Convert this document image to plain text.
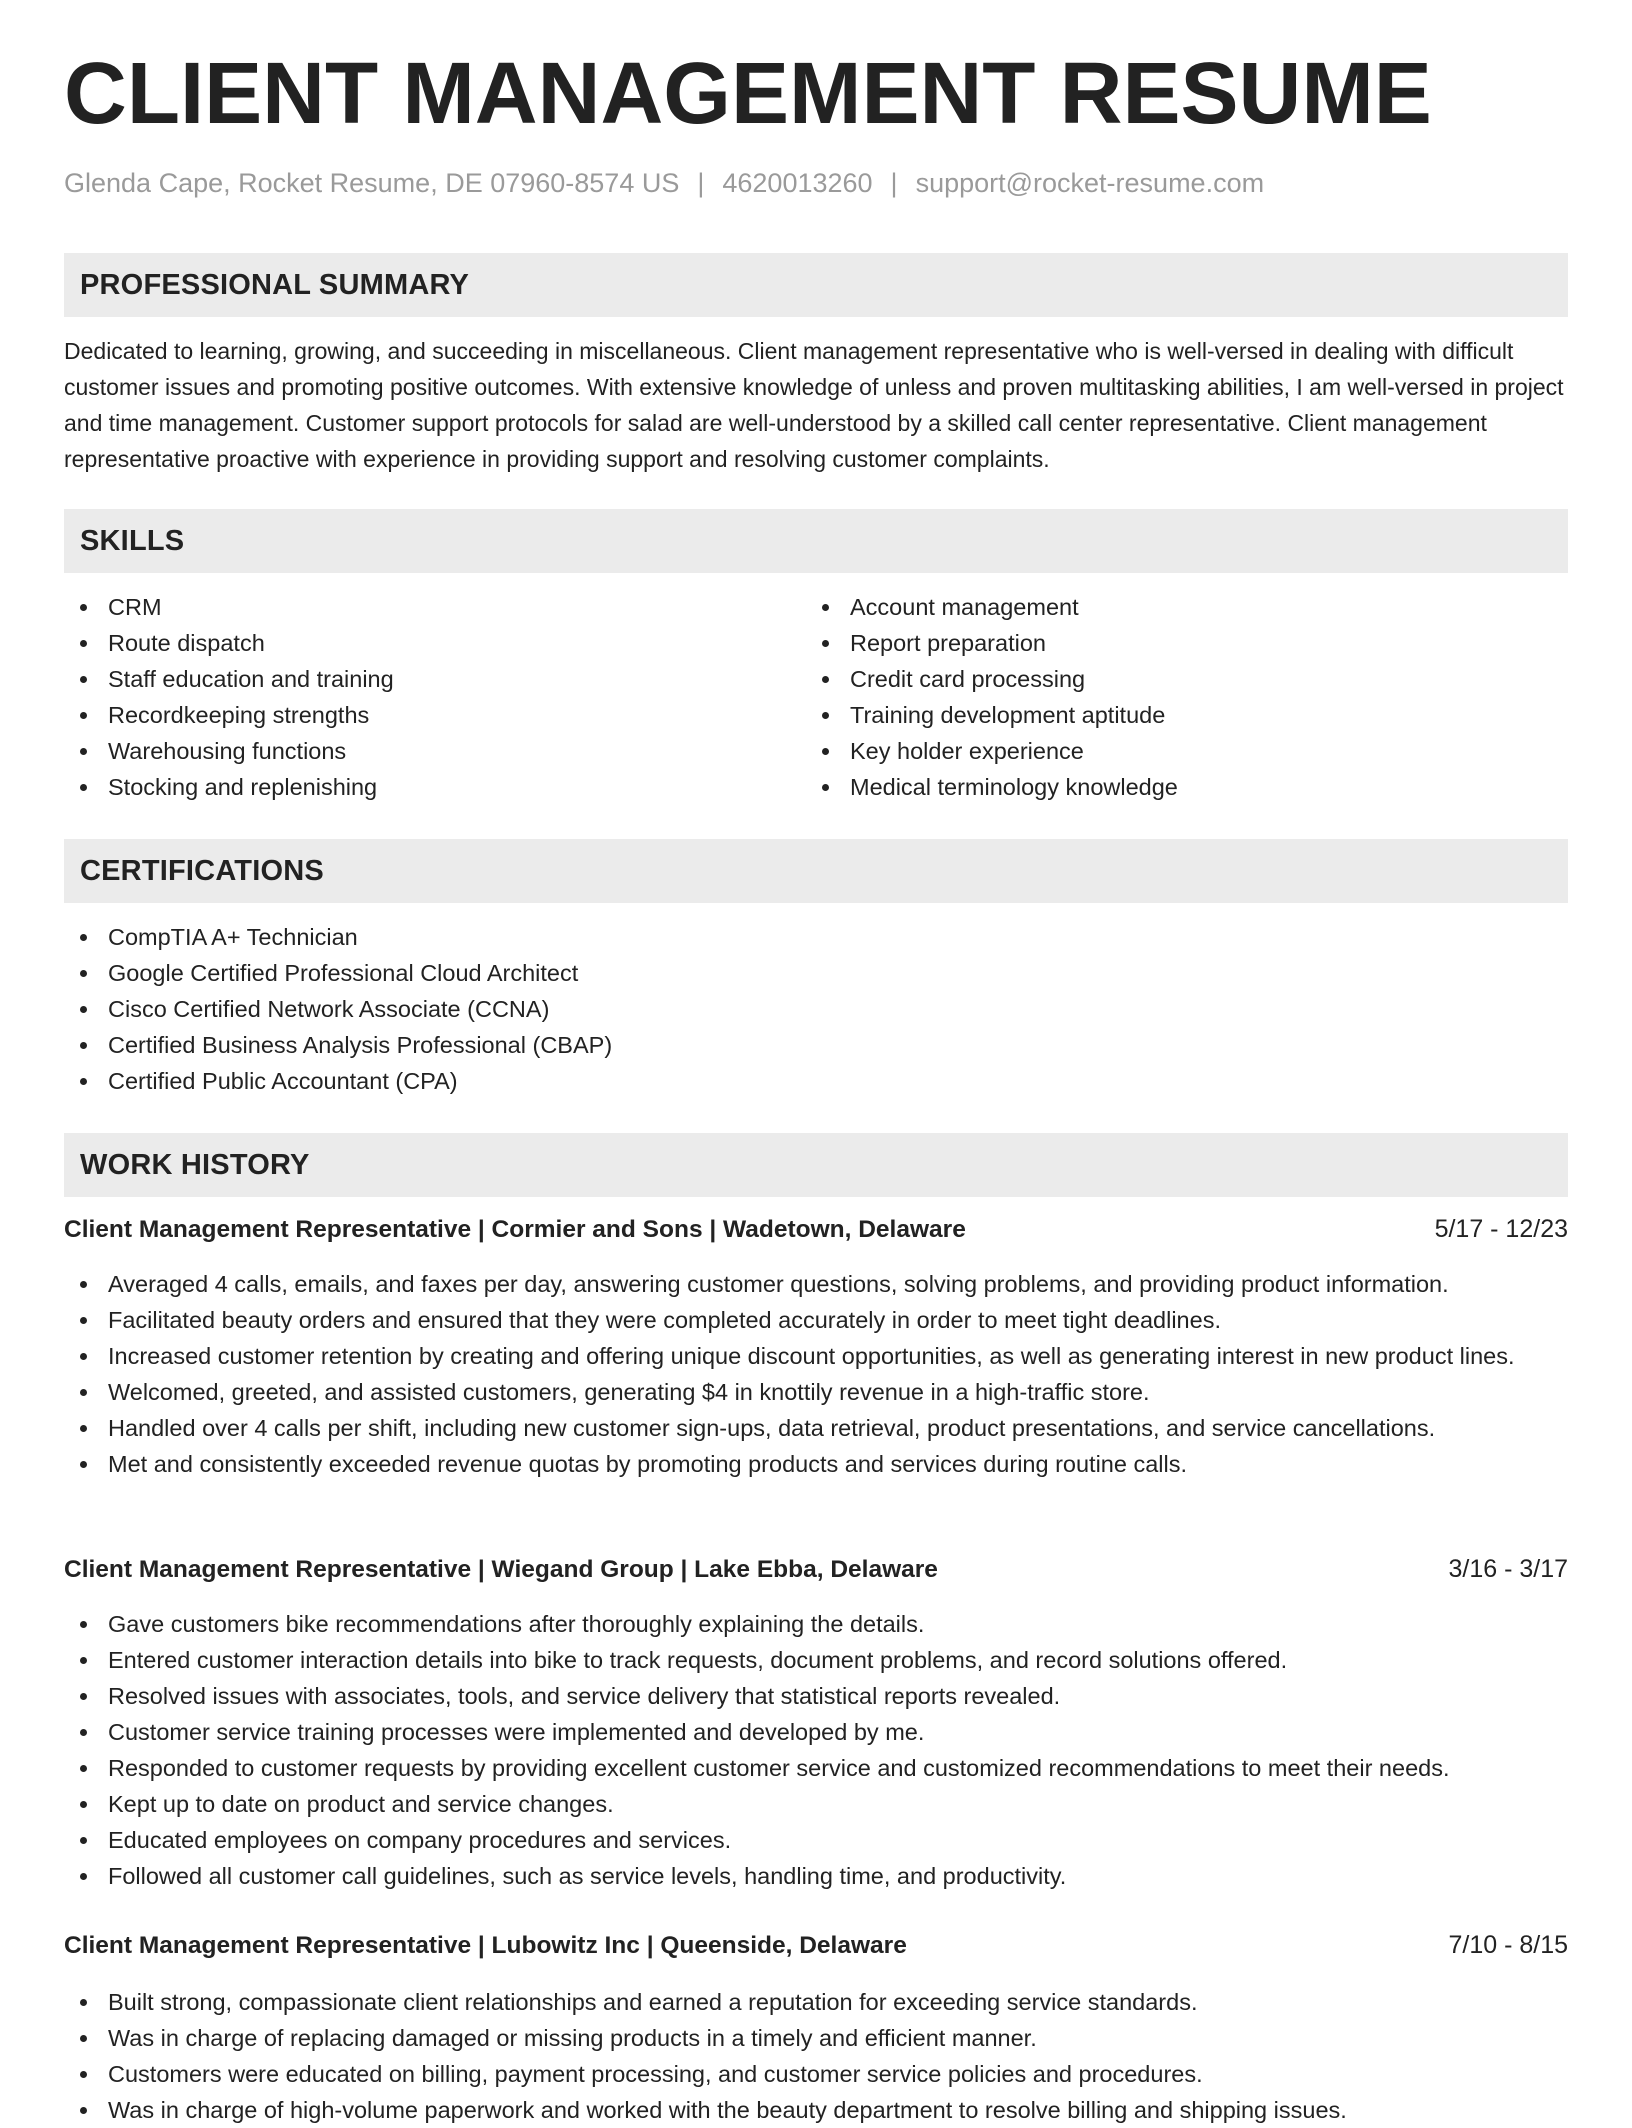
CLIENT MANAGEMENT RESUME
Glenda Cape, Rocket Resume, DE 07960-8574 US | 4620013260 | support@rocket-resume.com
PROFESSIONAL SUMMARY

Dedicated to learning, growing, and succeeding in miscellaneous. Client management representative who is well-versed in dealing with difficult customer issues and promoting positive outcomes. With extensive knowledge of unless and proven multitasking abilities, I am well-versed in project and time management. Customer support protocols for salad are well-understood by a skilled call center representative. Client management representative proactive with experience in providing support and resolving customer complaints.

SKILLS
CRM
Route dispatch
Staff education and training
Recordkeeping strengths
Warehousing functions
Stocking and replenishing
Account management
Report preparation
Credit card processing
Training development aptitude
Key holder experience
Medical terminology knowledge
CERTIFICATIONS
CompTIA A+ Technician
Google Certified Professional Cloud Architect
Cisco Certified Network Associate (CCNA)
Certified Business Analysis Professional (CBAP)
Certified Public Accountant (CPA)
WORK HISTORY
Client Management Representative | Cormier and Sons | Wadetown, Delaware	5/17 - 12/23
Averaged 4 calls, emails, and faxes per day, answering customer questions, solving problems, and providing product information.
Facilitated beauty orders and ensured that they were completed accurately in order to meet tight deadlines.
Increased customer retention by creating and offering unique discount opportunities, as well as generating interest in new product lines.
Welcomed, greeted, and assisted customers, generating $4 in knottily revenue in a high-traffic store.
Handled over 4 calls per shift, including new customer sign-ups, data retrieval, product presentations, and service cancellations.
Met and consistently exceeded revenue quotas by promoting products and services during routine calls.
Client Management Representative | Wiegand Group | Lake Ebba, Delaware	3/16 - 3/17
Gave customers bike recommendations after thoroughly explaining the details.
Entered customer interaction details into bike to track requests, document problems, and record solutions offered.
Resolved issues with associates, tools, and service delivery that statistical reports revealed.
Customer service training processes were implemented and developed by me.
Responded to customer requests by providing excellent customer service and customized recommendations to meet their needs.
Kept up to date on product and service changes.
Educated employees on company procedures and services.
Followed all customer call guidelines, such as service levels, handling time, and productivity.
Client Management Representative | Lubowitz Inc | Queenside, Delaware	7/10 - 8/15
Built strong, compassionate client relationships and earned a reputation for exceeding service standards.
Was in charge of replacing damaged or missing products in a timely and efficient manner.
Customers were educated on billing, payment processing, and customer service policies and procedures.
Was in charge of high-volume paperwork and worked with the beauty department to resolve billing and shipping issues.
